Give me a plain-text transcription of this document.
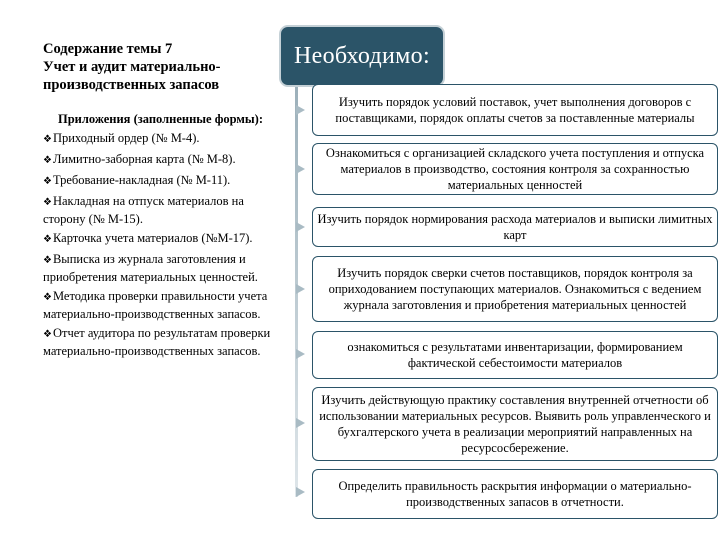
Содержание темы 7
Учет и аудит материально-
производственных запасов

Приложения (заполненные формы):
❖Приходный ордер (№ М-4).
❖Лимитно-заборная карта (№ М-8).
❖Требование-накладная (№ М-11).
❖Накладная на отпуск материалов на сторону (№ М-15).
❖Карточка учета материалов (№М-17).
❖Выписка из журнала заготовления и приобретения материальных ценностей.
❖Методика проверки правильности учета материально-производственных запасов.
❖Отчет аудитора по результатам проверки материально-производственных запасов.
Необходимо:
Изучить порядок условий поставок, учет выполнения договоров с поставщиками, порядок оплаты счетов за поставленные материалы
Ознакомиться с организацией складского учета поступления и отпуска материалов в производство, состояния контроля за сохранностью материальных ценностей
Изучить порядок нормирования расхода материалов и выписки лимитных карт
Изучить порядок сверки счетов поставщиков, порядок контроля за оприходованием поступающих материалов. Ознакомиться с ведением журнала заготовления и приобретения материальных ценностей
ознакомиться с результатами инвентаризации, формированием фактической себестоимости материалов
Изучить действующую практику составления внутренней отчетности об использовании материальных ресурсов. Выявить роль управленческого и бухгалтерского учета в реализации мероприятий направленных на ресурсосбережение.
Определить правильность раскрытия информации о материально-производственных запасов в отчетности.
